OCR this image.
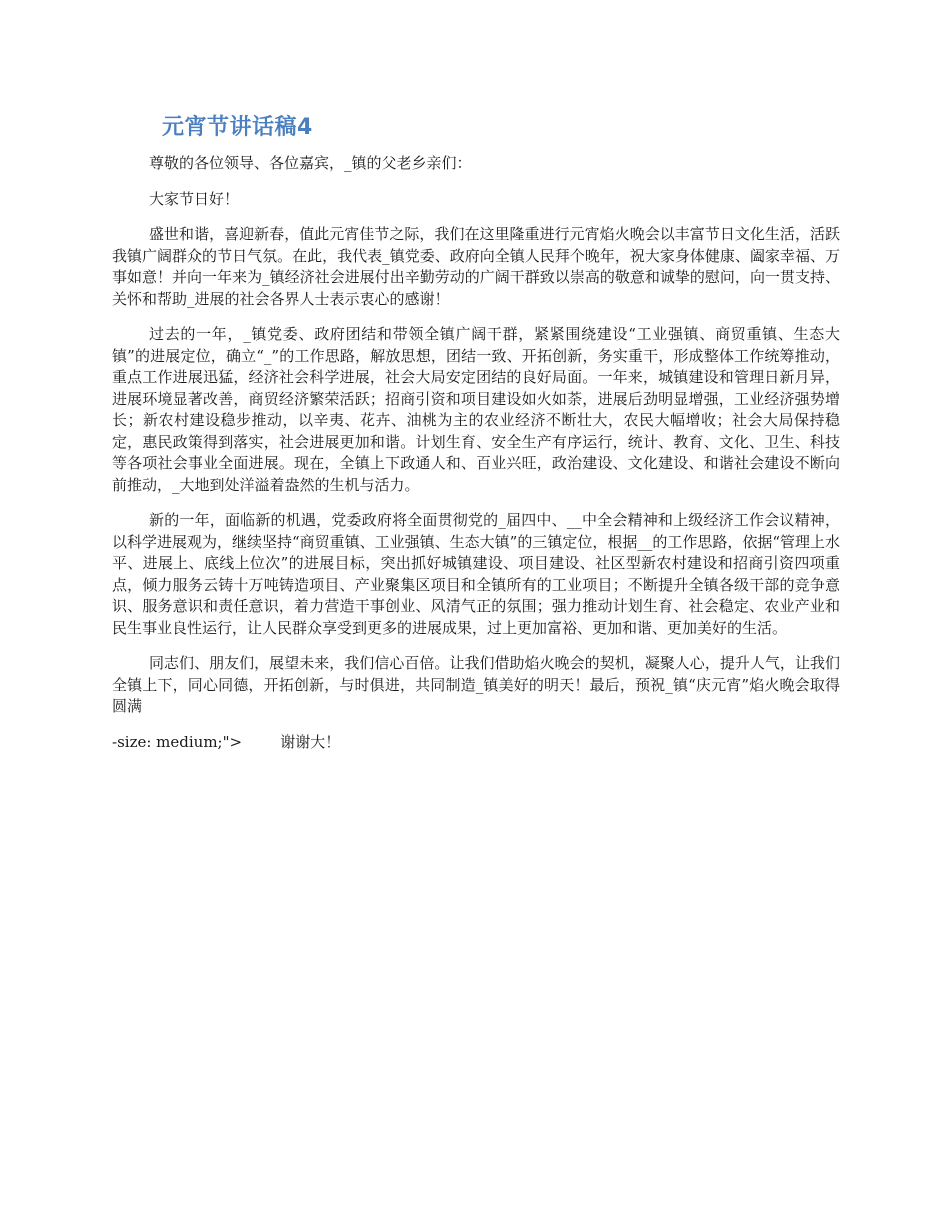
元宵节讲话稿4

尊敬的各位领导、各位嘉宾，_镇的父老乡亲们：

大家节日好！

盛世和谐，喜迎新春，值此元宵佳节之际，我们在这里隆重进行元宵焰火晚会以丰富节日文化生活，活跃我镇广阔群众的节日气氛。在此，我代表_镇党委、政府向全镇人民拜个晚年，祝大家身体健康、阖家幸福、万事如意！并向一年来为_镇经济社会进展付出辛勤劳动的广阔干群致以崇高的敬意和诚挚的慰问，向一贯支持、关怀和帮助_进展的社会各界人士表示衷心的感谢！

过去的一年，_镇党委、政府团结和带领全镇广阔干群，紧紧围绕建设“工业强镇、商贸重镇、生态大镇”的进展定位，确立“_”的工作思路，解放思想，团结一致、开拓创新，务实重干，形成整体工作统筹推动，重点工作进展迅猛，经济社会科学进展，社会大局安定团结的良好局面。一年来，城镇建设和管理日新月异，进展环境显著改善，商贸经济繁荣活跃；招商引资和项目建设如火如荼，进展后劲明显增强，工业经济强势增长；新农村建设稳步推动，以辛夷、花卉、油桃为主的农业经济不断壮大，农民大幅增收；社会大局保持稳定，惠民政策得到落实，社会进展更加和谐。计划生育、安全生产有序运行，统计、教育、文化、卫生、科技等各项社会事业全面进展。现在，全镇上下政通人和、百业兴旺，政治建设、文化建设、和谐社会建设不断向前推动，_大地到处洋溢着盎然的生机与活力。

新的一年，面临新的机遇，党委政府将全面贯彻党的_届四中、__中全会精神和上级经济工作会议精神，以科学进展观为，继续坚持“商贸重镇、工业强镇、生态大镇”的三镇定位，根据__的工作思路，依据“管理上水平、进展上、底线上位次”的进展目标，突出抓好城镇建设、项目建设、社区型新农村建设和招商引资四项重点，倾力服务云铸十万吨铸造项目、产业聚集区项目和全镇所有的工业项目；不断提升全镇各级干部的竞争意识、服务意识和责任意识，着力营造干事创业、风清气正的氛围；强力推动计划生育、社会稳定、农业产业和民生事业良性运行，让人民群众享受到更多的进展成果，过上更加富裕、更加和谐、更加美好的生活。

同志们、朋友们，展望未来，我们信心百倍。让我们借助焰火晚会的契机，凝聚人心，提升人气，让我们全镇上下，同心同德，开拓创新，与时俱进，共同制造_镇美好的明天！最后，预祝_镇“庆元宵”焰火晚会取得圆满

-size: medium;">        谢谢大！
